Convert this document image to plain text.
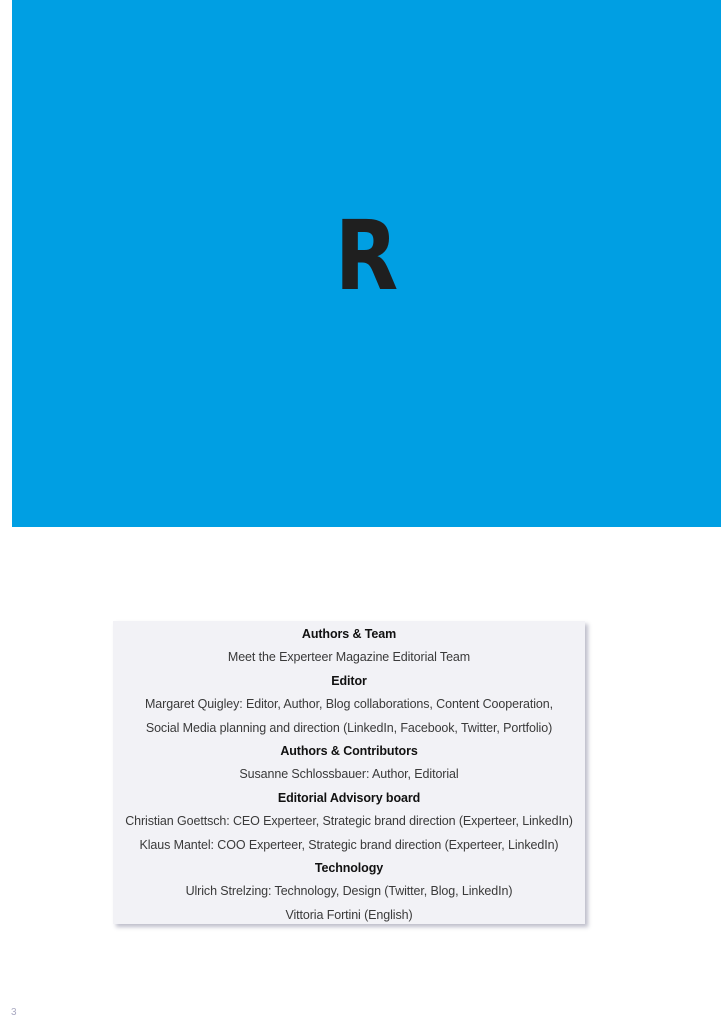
R
Authors & Team
Meet the Experteer Magazine Editorial Team
Editor
Margaret Quigley: Editor, Author, Blog collaborations, Content Cooperation,
Social Media planning and direction (LinkedIn, Facebook, Twitter, Portfolio)
Authors & Contributors
Susanne Schlossbauer: Author, Editorial
Editorial Advisory board
Christian Goettsch: CEO Experteer, Strategic brand direction (Experteer, LinkedIn)
Klaus Mantel: COO Experteer, Strategic brand direction (Experteer, LinkedIn)
Technology
Ulrich Strelzing: Technology, Design (Twitter, Blog, LinkedIn)
Vittoria Fortini (English)
3
